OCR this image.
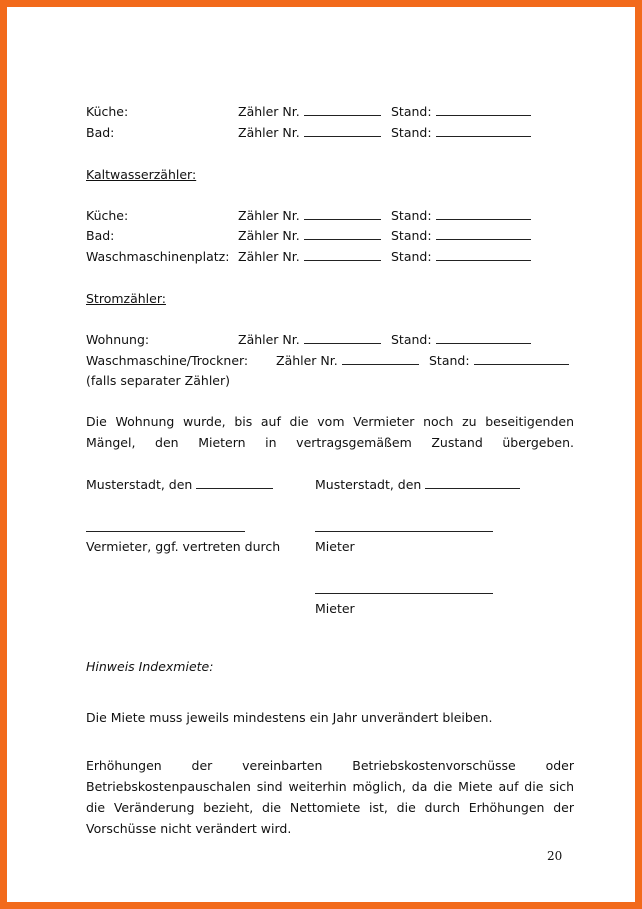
Küche:	Zähler Nr.	Stand:
Bad:	Zähler Nr.	Stand:
Kaltwasserzähler:
Küche:	Zähler Nr.	Stand:
Bad:	Zähler Nr.	Stand:
Waschmaschinenplatz: Zähler Nr.	Stand:
Stromzähler:
Wohnung:	Zähler Nr.	Stand:
Waschmaschine/Trockner: Zähler Nr.	Stand:
(falls separater Zähler)
Die Wohnung wurde, bis auf die vom Vermieter noch zu beseitigenden Mängel, den Mietern in vertragsgemäßem Zustand übergeben.
Musterstadt, den	Musterstadt, den
Vermieter, ggf. vertreten durch	Mieter
Mieter
Hinweis Indexmiete:
Die Miete muss jeweils mindestens ein Jahr unverändert bleiben.
Erhöhungen der vereinbarten Betriebskostenvorschüsse oder Betriebskostenpauschalen sind weiterhin möglich, da die Miete auf die sich die Veränderung bezieht, die Nettomiete ist, die durch Erhöhungen der Vorschüsse nicht verändert wird.
20
